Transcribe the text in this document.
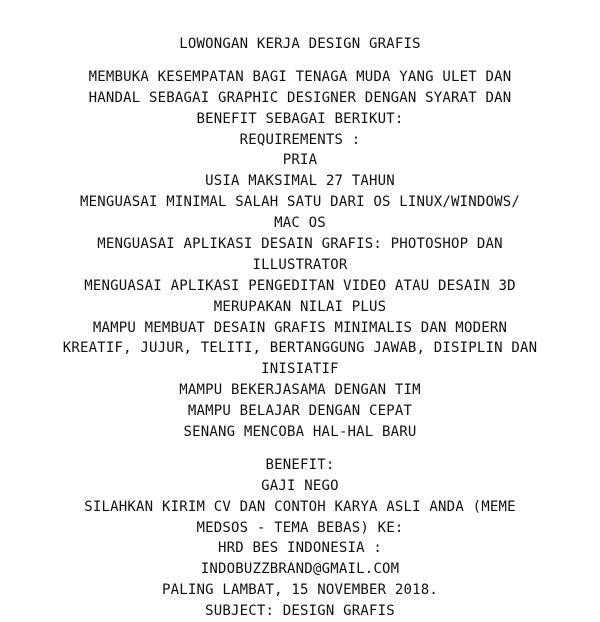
LOWONGAN KERJA DESIGN GRAFIS
MEMBUKA KESEMPATAN BAGI TENAGA MUDA YANG ULET DAN
HANDAL SEBAGAI GRAPHIC DESIGNER DENGAN SYARAT DAN
BENEFIT SEBAGAI BERIKUT:
REQUIREMENTS :
PRIA
USIA MAKSIMAL 27 TAHUN
MENGUASAI MINIMAL SALAH SATU DARI OS LINUX/WINDOWS/
MAC OS
MENGUASAI APLIKASI DESAIN GRAFIS: PHOTOSHOP DAN
ILLUSTRATOR
MENGUASAI APLIKASI PENGEDITAN VIDEO ATAU DESAIN 3D
MERUPAKAN NILAI PLUS
MAMPU MEMBUAT DESAIN GRAFIS MINIMALIS DAN MODERN
KREATIF, JUJUR, TELITI, BERTANGGUNG JAWAB, DISIPLIN DAN
INISIATIF
MAMPU BEKERJASAMA DENGAN TIM
MAMPU BELAJAR DENGAN CEPAT
SENANG MENCOBA HAL-HAL BARU
BENEFIT:
GAJI NEGO
SILAHKAN KIRIM CV DAN CONTOH KARYA ASLI ANDA (MEME
MEDSOS - TEMA BEBAS) KE:
HRD BES INDONESIA :
INDOBUZZBRAND@GMAIL.COM
PALING LAMBAT, 15 NOVEMBER 2018.
SUBJECT: DESIGN GRAFIS
